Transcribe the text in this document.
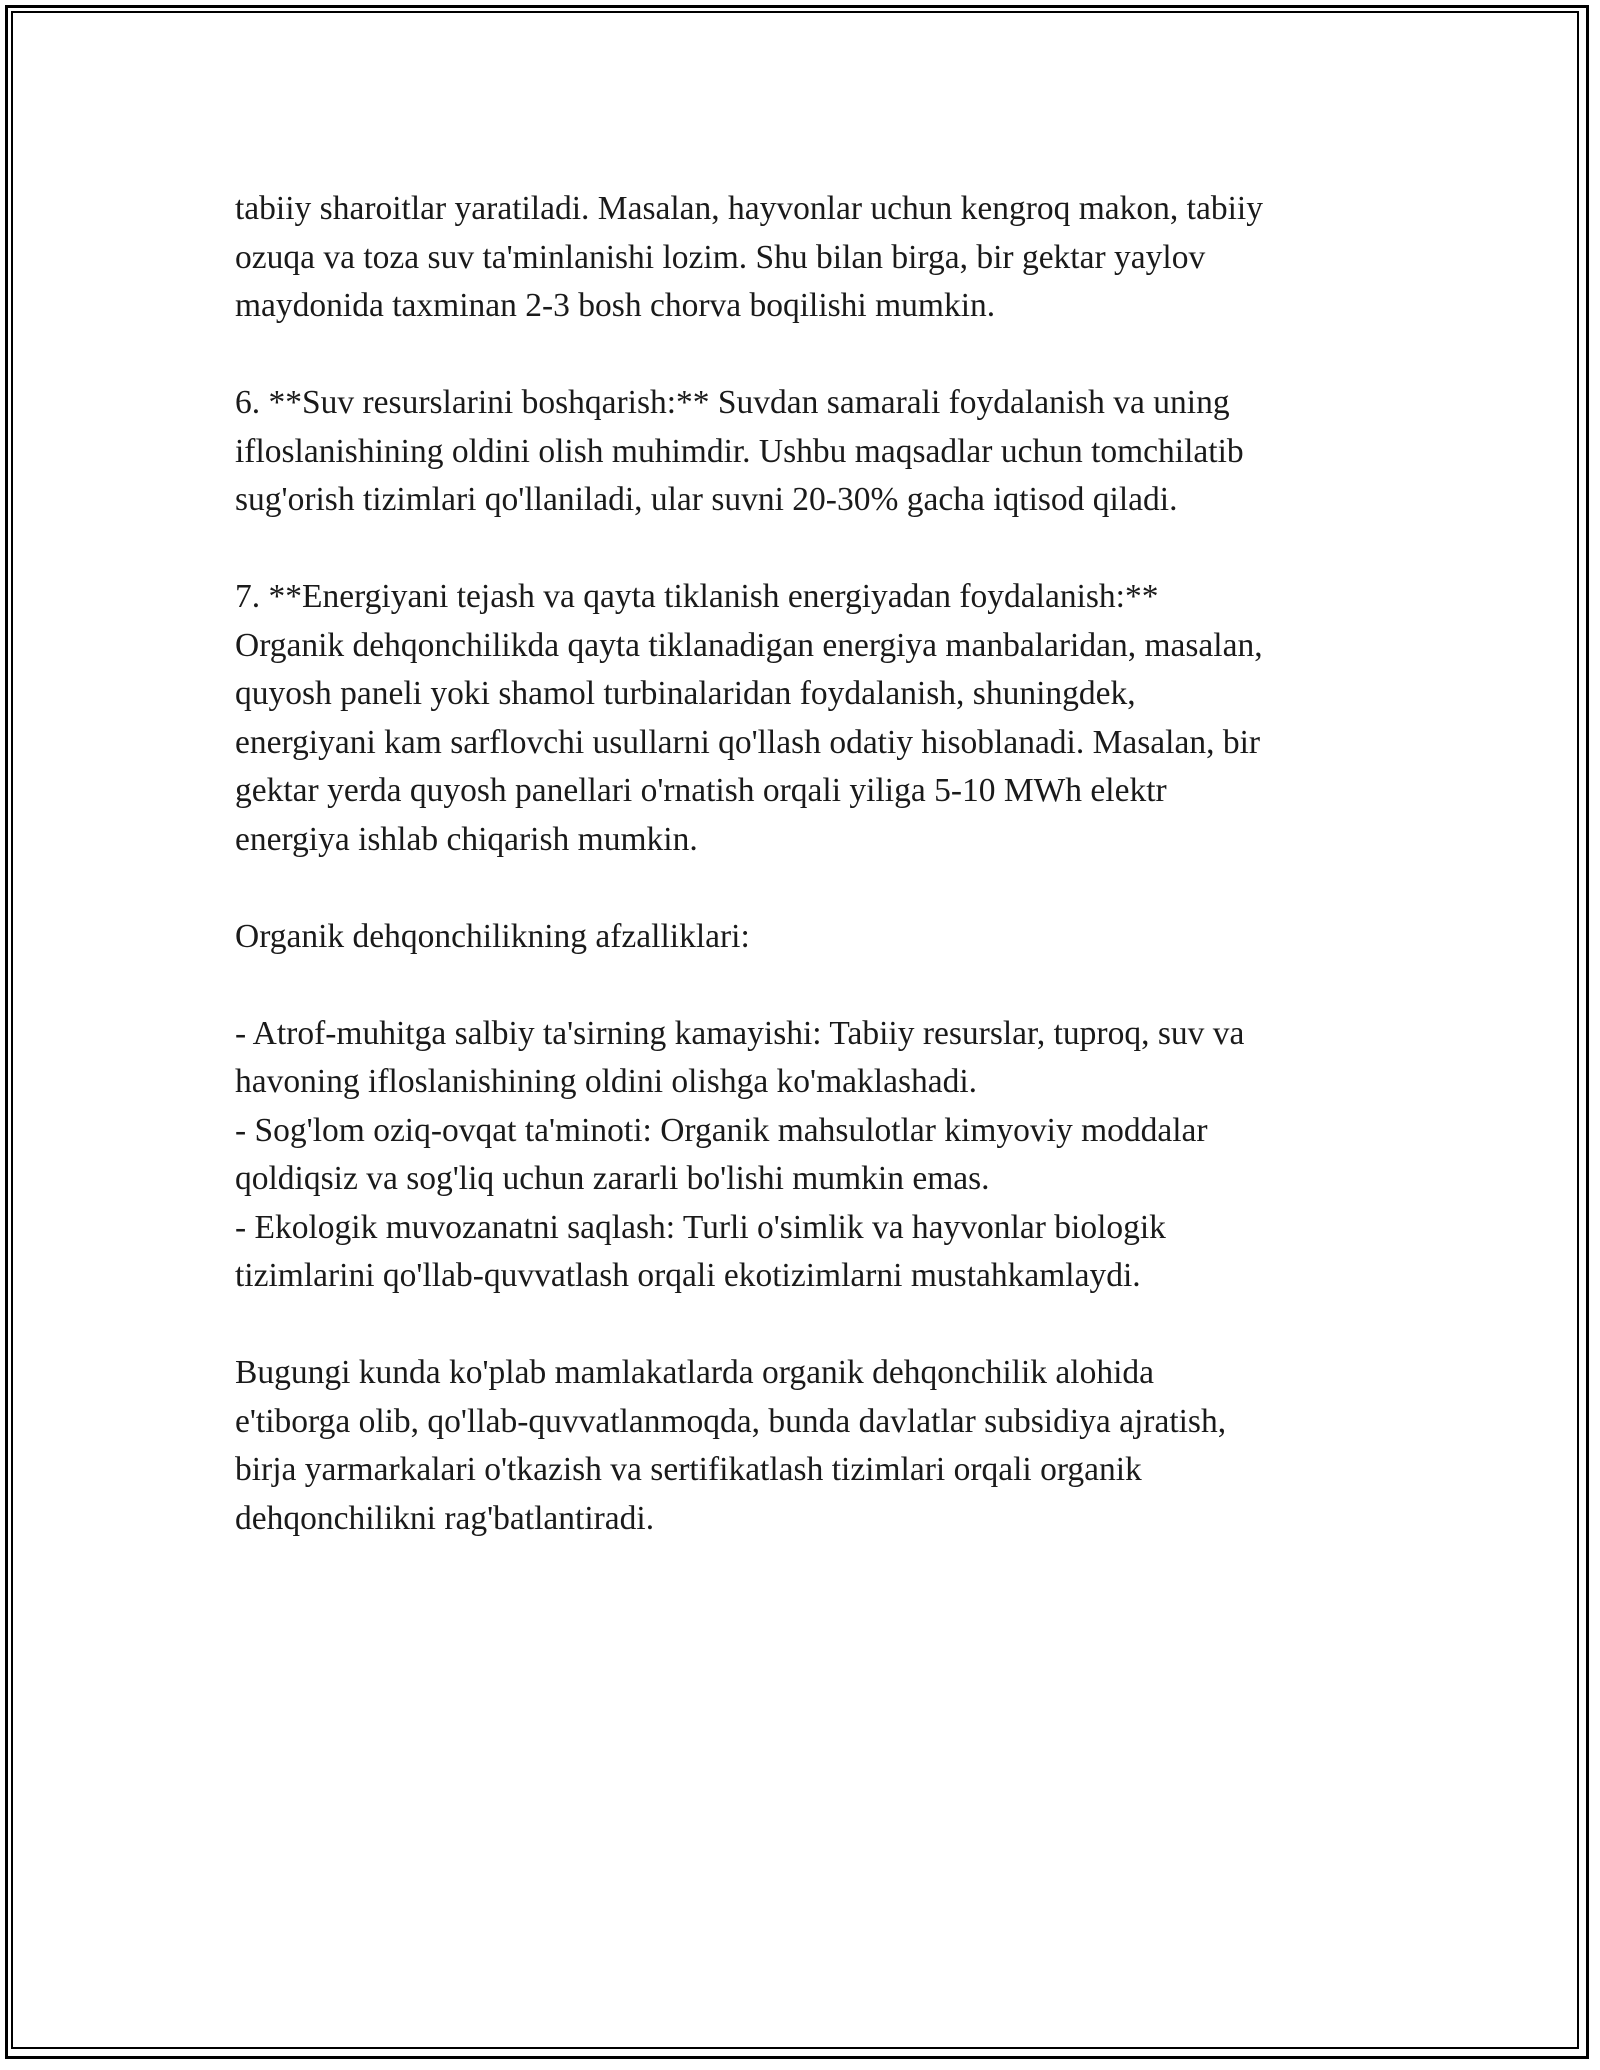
tabiiy sharoitlar yaratiladi. Masalan, hayvonlar uchun kengroq makon, tabiiy
ozuqa va toza suv ta'minlanishi lozim. Shu bilan birga, bir gektar yaylov
maydonida taxminan 2-3 bosh chorva boqilishi mumkin.

6. **Suv resurslarini boshqarish:** Suvdan samarali foydalanish va uning
ifloslanishining oldini olish muhimdir. Ushbu maqsadlar uchun tomchilatib
sug'orish tizimlari qo'llaniladi, ular suvni 20-30% gacha iqtisod qiladi.

7. **Energiyani tejash va qayta tiklanish energiyadan foydalanish:**
Organik dehqonchilikda qayta tiklanadigan energiya manbalaridan, masalan,
quyosh paneli yoki shamol turbinalaridan foydalanish, shuningdek,
energiyani kam sarflovchi usullarni qo'llash odatiy hisoblanadi. Masalan, bir
gektar yerda quyosh panellari o'rnatish orqali yiliga 5-10 MWh elektr
energiya ishlab chiqarish mumkin.

Organik dehqonchilikning afzalliklari:

- Atrof-muhitga salbiy ta'sirning kamayishi: Tabiiy resurslar, tuproq, suv va
havoning ifloslanishining oldini olishga ko'maklashadi.
- Sog'lom oziq-ovqat ta'minoti: Organik mahsulotlar kimyoviy moddalar
qoldiqsiz va sog'liq uchun zararli bo'lishi mumkin emas.
- Ekologik muvozanatni saqlash: Turli o'simlik va hayvonlar biologik
tizimlarini qo'llab-quvvatlash orqali ekotizimlarni mustahkamlaydi.

Bugungi kunda ko'plab mamlakatlarda organik dehqonchilik alohida
e'tiborga olib, qo'llab-quvvatlanmoqda, bunda davlatlar subsidiya ajratish,
birja yarmarkalari o'tkazish va sertifikatlash tizimlari orqali organik
dehqonchilikni rag'batlantiradi.
